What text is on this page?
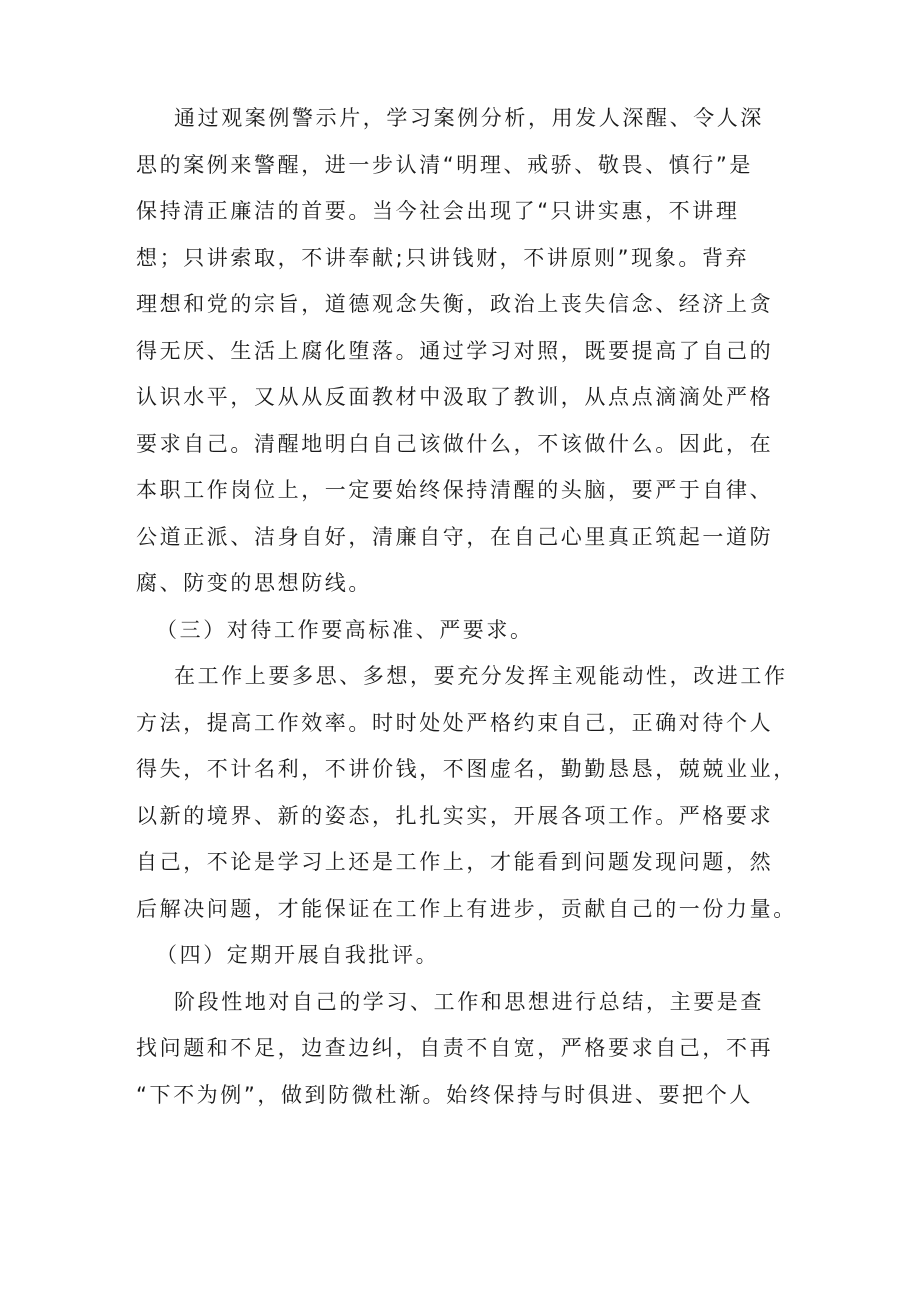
通过观案例警示片，学习案例分析，用发人深醒、令人深
思的案例来警醒，进一步认清“明理、戒骄、敬畏、慎行”是
保持清正廉洁的首要。当今社会出现了“只讲实惠，不讲理
想；只讲索取，不讲奉献;只讲钱财，不讲原则”现象。背弃
理想和党的宗旨，道德观念失衡，政治上丧失信念、经济上贪
得无厌、生活上腐化堕落。通过学习对照，既要提高了自己的
认识水平，又从从反面教材中汲取了教训，从点点滴滴处严格
要求自己。清醒地明白自己该做什么，不该做什么。因此，在
本职工作岗位上，一定要始终保持清醒的头脑，要严于自律、
公道正派、洁身自好，清廉自守，在自己心里真正筑起一道防
腐、防变的思想防线。
（三）对待工作要高标准、严要求。
在工作上要多思、多想，要充分发挥主观能动性，改进工作
方法，提高工作效率。时时处处严格约束自己，正确对待个人
得失，不计名利，不讲价钱，不图虚名，勤勤恳恳，兢兢业业，
以新的境界、新的姿态，扎扎实实，开展各项工作。严格要求
自己，不论是学习上还是工作上，才能看到问题发现问题，然
后解决问题，才能保证在工作上有进步，贡献自己的一份力量。
（四）定期开展自我批评。
阶段性地对自己的学习、工作和思想进行总结，主要是查
找问题和不足，边查边纠，自责不自宽，严格要求自己，不再
“下不为例”，做到防微杜渐。始终保持与时俱进、要把个人
